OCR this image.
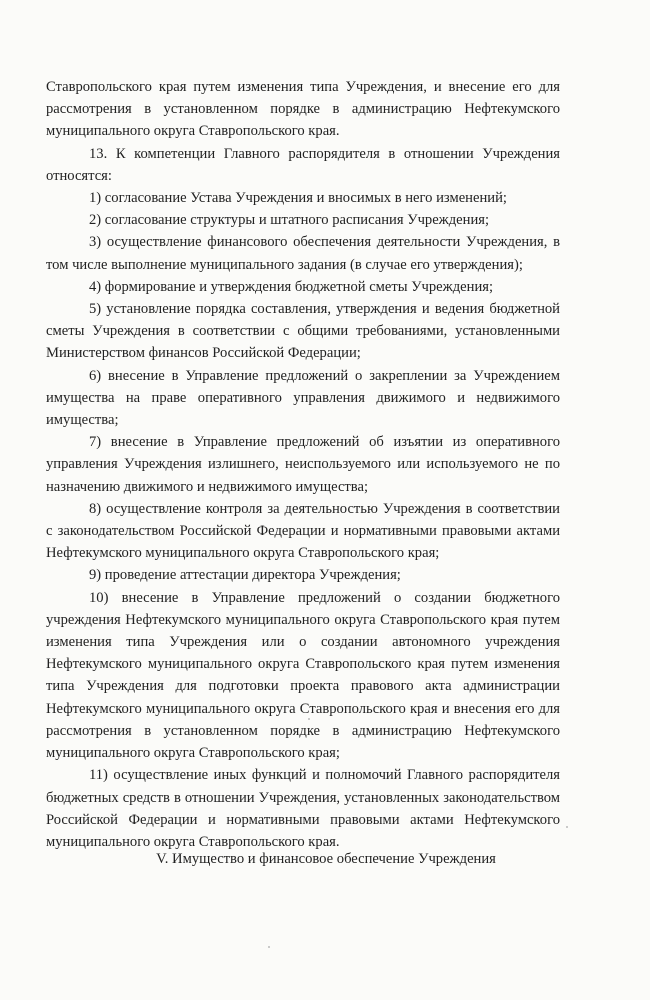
Ставропольского края путем изменения типа Учреждения, и внесение его для рассмотрения в установленном порядке в администрацию Нефтекумского муниципального округа Ставропольского края.

13. К компетенции Главного распорядителя в отношении Учреждения относятся:

1) согласование Устава Учреждения и вносимых в него изменений;

2) согласование структуры и штатного расписания Учреждения;

3) осуществление финансового обеспечения деятельности Учреждения, в том числе выполнение муниципального задания (в случае его утверждения);

4) формирование и утверждения бюджетной сметы Учреждения;

5) установление порядка составления, утверждения и ведения бюджетной сметы Учреждения в соответствии с общими требованиями, установленными Министерством финансов Российской Федерации;

6) внесение в Управление предложений о закреплении за Учреждением имущества на праве оперативного управления движимого и недвижимого имущества;

7) внесение в Управление предложений об изъятии из оперативного управления Учреждения излишнего, неиспользуемого или используемого не по назначению движимого и недвижимого имущества;

8) осуществление контроля за деятельностью Учреждения в соответствии с законодательством Российской Федерации и нормативными правовыми актами Нефтекумского муниципального округа Ставропольского края;

9) проведение аттестации директора Учреждения;

10) внесение в Управление предложений о создании бюджетного учреждения Нефтекумского муниципального округа Ставропольского края путем изменения типа Учреждения или о создании автономного учреждения Нефтекумского муниципального округа Ставропольского края путем изменения типа Учреждения для подготовки проекта правового акта администрации Нефтекумского муниципального округа Ставропольского края и внесения его для рассмотрения в установленном порядке в администрацию Нефтекумского муниципального округа Ставропольского края;

11) осуществление иных функций и полномочий Главного распорядителя бюджетных средств в отношении Учреждения, установленных законодательством Российской Федерации и нормативными правовыми актами Нефтекумского муниципального округа Ставропольского края.

V. Имущество и финансовое обеспечение Учреждения
